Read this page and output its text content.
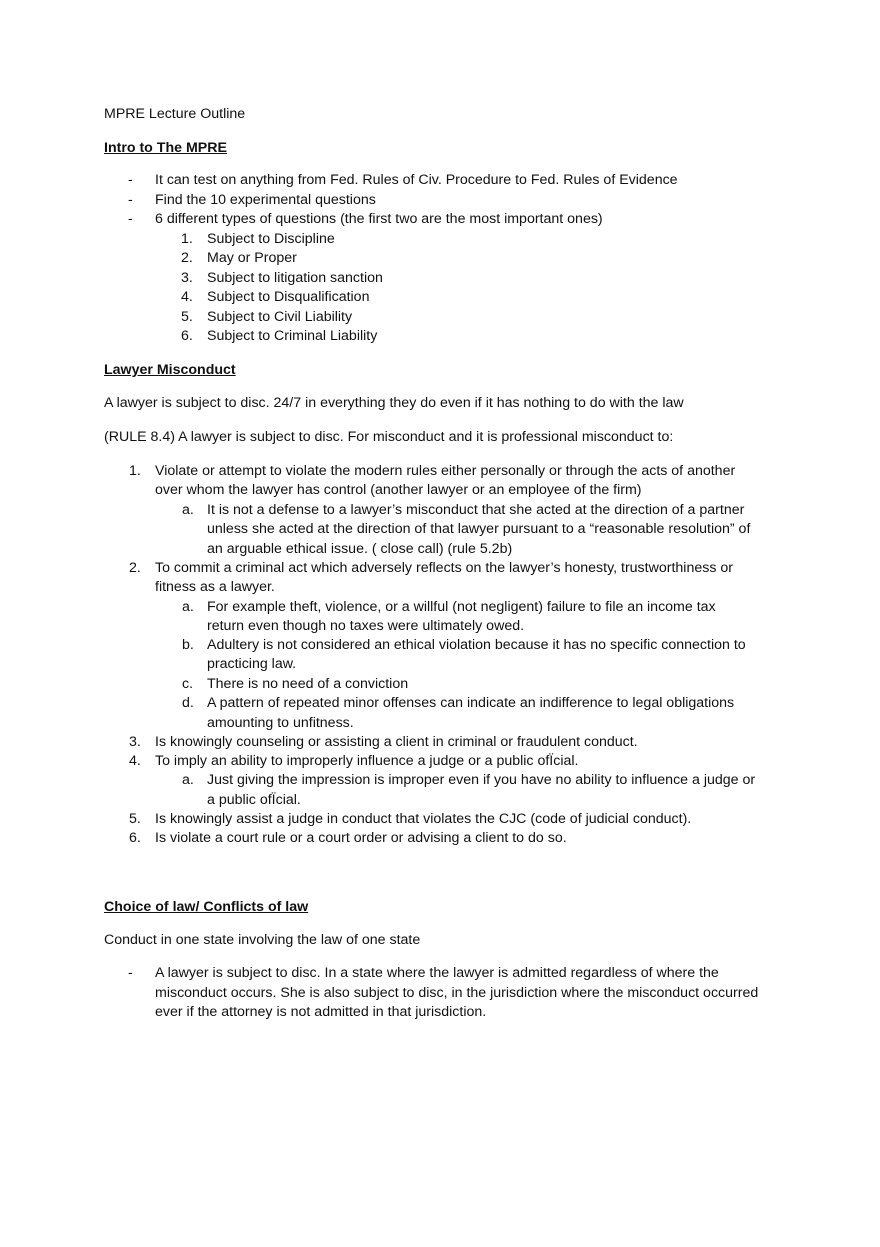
MPRE Lecture Outline
Intro to The MPRE
- It can test on anything from Fed. Rules of Civ. Procedure to Fed. Rules of Evidence
- Find the 10 experimental questions
- 6 different types of questions (the first two are the most important ones)
1. Subject to Discipline
2. May or Proper
3. Subject to litigation sanction
4. Subject to Disqualification
5. Subject to Civil Liability
6. Subject to Criminal Liability
Lawyer Misconduct
A lawyer is subject to disc. 24/7 in everything they do even if it has nothing to do with the law
(RULE 8.4) A lawyer is subject to disc. For misconduct and it is professional misconduct to:
1. Violate or attempt to violate the modern rules either personally or through the acts of another
over whom the lawyer has control (another lawyer or an employee of the firm)
a. It is not a defense to a lawyer’s misconduct that she acted at the direction of a partner
unless she acted at the direction of that lawyer pursuant to a “reasonable resolution” of
an arguable ethical issue. ( close call) (rule 5.2b)
2. To commit a criminal act which adversely reflects on the lawyer’s honesty, trustworthiness or
fitness as a lawyer.
a. For example theft, violence, or a willful (not negligent) failure to file an income tax
return even though no taxes were ultimately owed.
b. Adultery is not considered an ethical violation because it has no specific connection to
practicing law.
c. There is no need of a conviction
d. A pattern of repeated minor offenses can indicate an indifference to legal obligations
amounting to unfitness.
3. Is knowingly counseling or assisting a client in criminal or fraudulent conduct.
4. To imply an ability to improperly influence a judge or a public ofÏcial.
a. Just giving the impression is improper even if you have no ability to influence a judge or
a public ofÏcial.
5. Is knowingly assist a judge in conduct that violates the CJC (code of judicial conduct).
6. Is violate a court rule or a court order or advising a client to do so.
Choice of law/ Conflicts of law
Conduct in one state involving the law of one state
- A lawyer is subject to disc. In a state where the lawyer is admitted regardless of where the
misconduct occurs. She is also subject to disc, in the jurisdiction where the misconduct occurred
ever if the attorney is not admitted in that jurisdiction.
